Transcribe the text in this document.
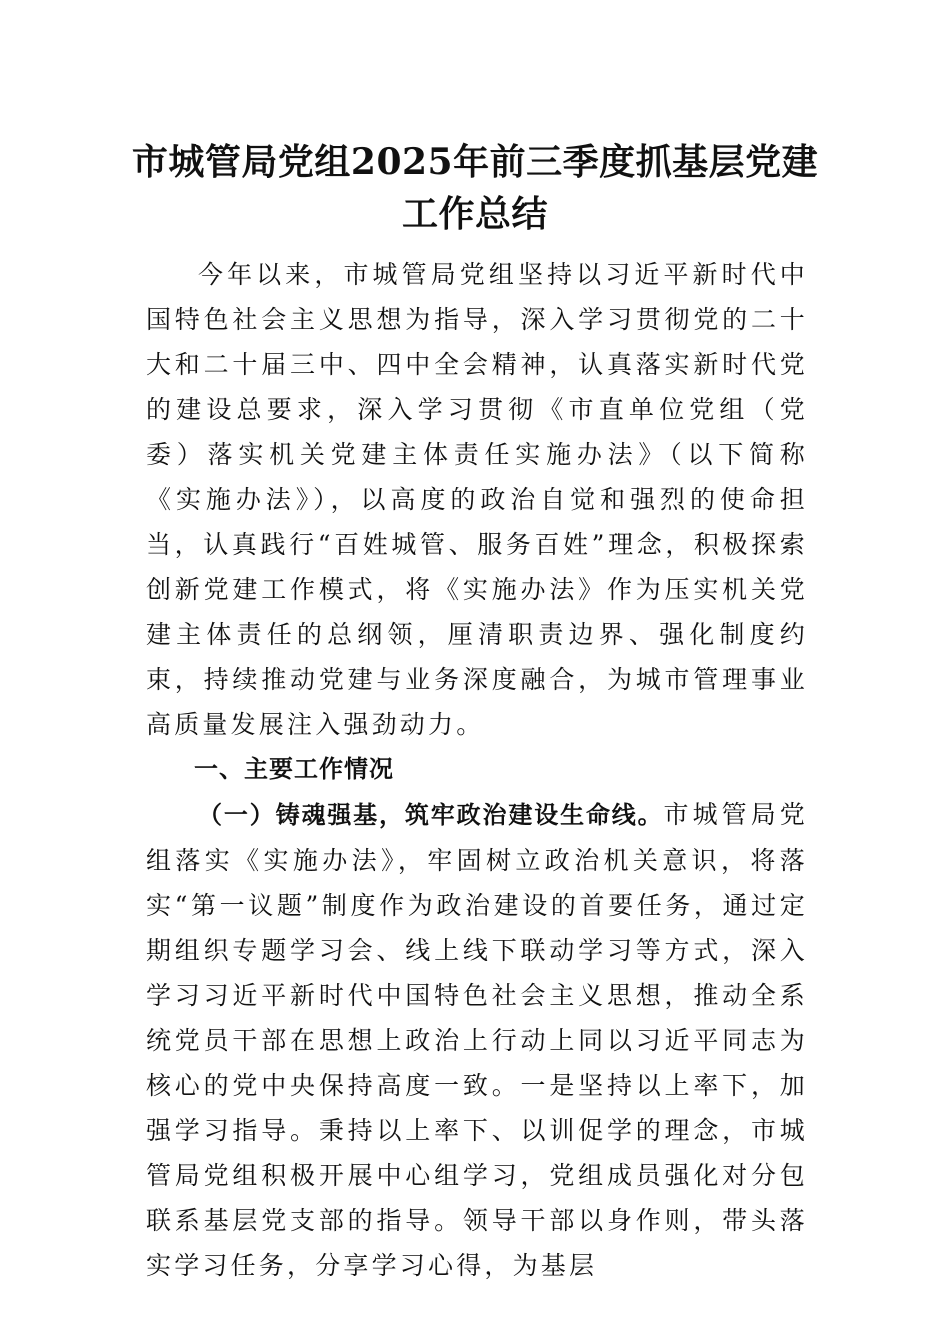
市城管局党组2025年前三季度抓基层党建
工作总结

今年以来，市城管局党组坚持以习近平新时代中国特色社会主义思想为指导，深入学习贯彻党的二十大和二十届三中、四中全会精神，认真落实新时代党的建设总要求，深入学习贯彻《市直单位党组（党委）落实机关党建主体责任实施办法》（以下简称《实施办法》），以高度的政治自觉和强烈的使命担当，认真践行“百姓城管、服务百姓”理念，积极探索创新党建工作模式，将《实施办法》作为压实机关党建主体责任的总纲领，厘清职责边界、强化制度约束，持续推动党建与业务深度融合，为城市管理事业高质量发展注入强劲动力。

一、主要工作情况

（一）铸魂强基，筑牢政治建设生命线。市城管局党组落实《实施办法》，牢固树立政治机关意识，将落实“第一议题”制度作为政治建设的首要任务，通过定期组织专题学习会、线上线下联动学习等方式，深入学习习近平新时代中国特色社会主义思想，推动全系统党员干部在思想上政治上行动上同以习近平同志为核心的党中央保持高度一致。一是坚持以上率下，加强学习指导。秉持以上率下、以训促学的理念，市城管局党组积极开展中心组学习，党组成员强化对分包联系基层党支部的指导。领导干部以身作则，带头落实学习任务，分享学习心得，为基层
